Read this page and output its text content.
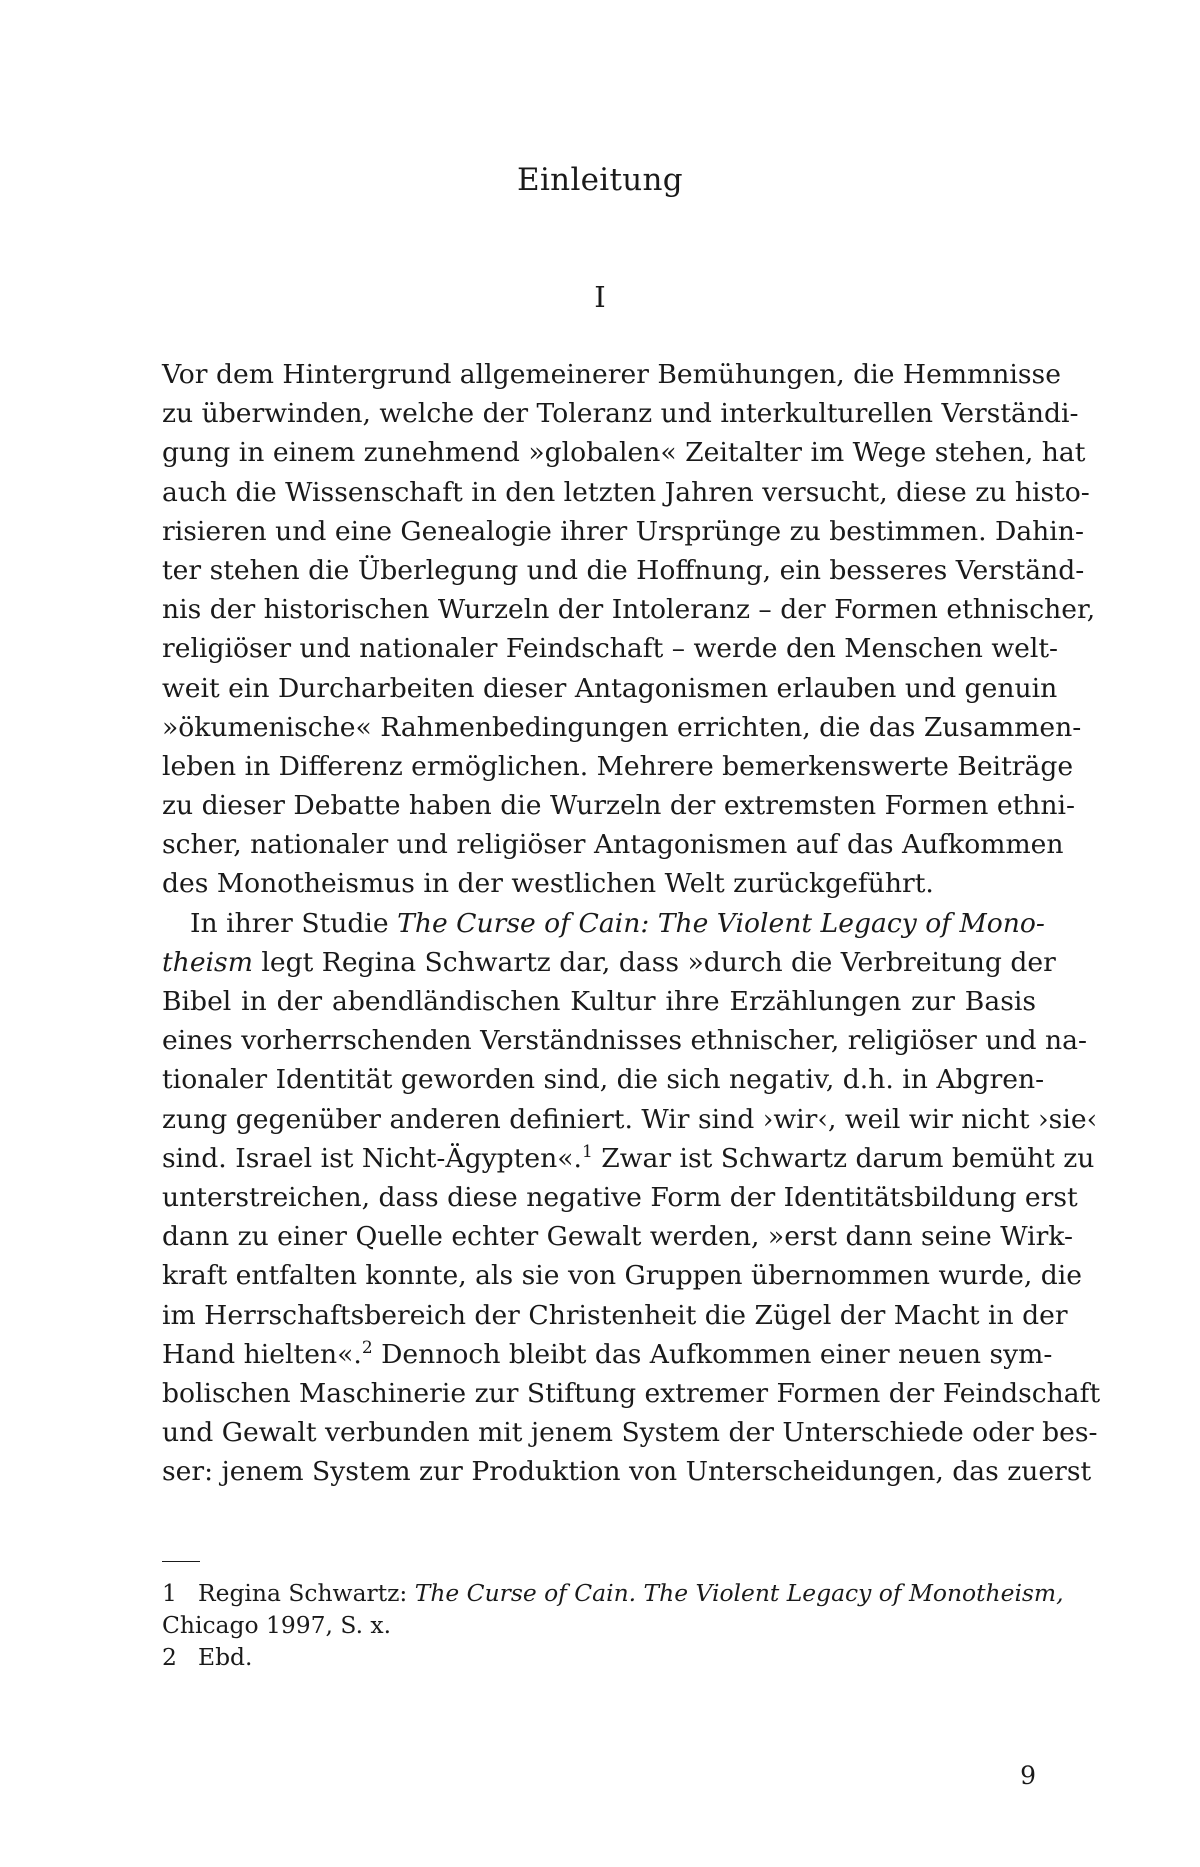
Einleitung
I

Vor dem Hintergrund allgemeinerer Bemühungen, die Hemmnisse
zu überwinden, welche der Toleranz und interkulturellen Verständi-
gung in einem zunehmend »globalen« Zeitalter im Wege stehen, hat
auch die Wissenschaft in den letzten Jahren versucht, diese zu histo-
risieren und eine Genealogie ihrer Ursprünge zu bestimmen. Dahin-
ter stehen die Überlegung und die Hoffnung, ein besseres Verständ-
nis der historischen Wurzeln der Intoleranz – der Formen ethnischer,
religiöser und nationaler Feindschaft – werde den Menschen welt-
weit ein Durcharbeiten dieser Antagonismen erlauben und genuin
»ökumenische« Rahmenbedingungen errichten, die das Zusammen-
leben in Differenz ermöglichen. Mehrere bemerkenswerte Beiträge
zu dieser Debatte haben die Wurzeln der extremsten Formen ethni-
scher, nationaler und religiöser Antagonismen auf das Aufkommen
des Monotheismus in der westlichen Welt zurückgeführt.

In ihrer Studie The Curse of Cain: The Violent Legacy of Mono-
theism legt Regina Schwartz dar, dass »durch die Verbreitung der
Bibel in der abendländischen Kultur ihre Erzählungen zur Basis
eines vorherrschenden Verständnisses ethnischer, religiöser und na-
tionaler Identität geworden sind, die sich negativ, d.h. in Abgren-
zung gegenüber anderen definiert. Wir sind ›wir‹, weil wir nicht ›sie‹
sind. Israel ist Nicht-Ägypten«.$^1$ Zwar ist Schwartz darum bemüht zu
unterstreichen, dass diese negative Form der Identitätsbildung erst
dann zu einer Quelle echter Gewalt werden, »erst dann seine Wirk-
kraft entfalten konnte, als sie von Gruppen übernommen wurde, die
im Herrschaftsbereich der Christenheit die Zügel der Macht in der
Hand hielten«.$^2$ Dennoch bleibt das Aufkommen einer neuen sym-
bolischen Maschinerie zur Stiftung extremer Formen der Feindschaft
und Gewalt verbunden mit jenem System der Unterschiede oder bes-
ser: jenem System zur Produktion von Unterscheidungen, das zuerst

1 Regina Schwartz: The Curse of Cain. The Violent Legacy of Monotheism,
Chicago 1997, S. x.

2 Ebd.

9
